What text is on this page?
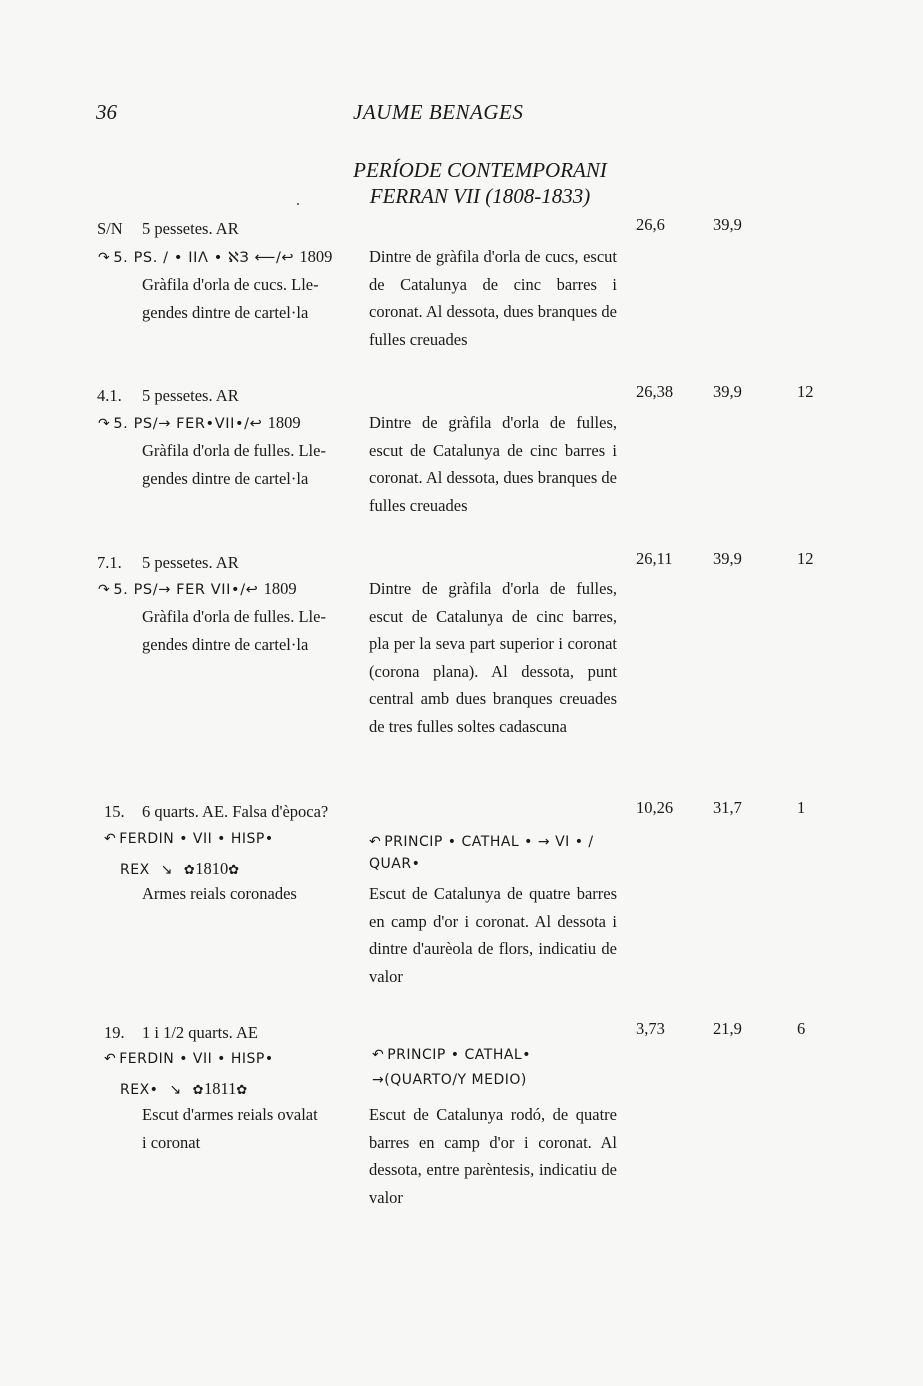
36	JAUME BENAGES
PERÍODE CONTEMPORANI
FERRAN VII (1808-1833)
S/N 5 pessetes. AR
↷ 5. PS. / • IIΛ • ℵЗ ⟵/↩ 1809
Gràfila d'orla de cucs. Lle-
gendes dintre de cartel·la
Dintre de gràfila d'orla de cucs, escut de Catalunya de cinc barres i coronat. Al dessota, dues branques de fulles creuades
26,6	39,9
4.1. 5 pessetes. AR
↷ 5. PS/→ FER•VII•/↩ 1809
Gràfila d'orla de fulles. Lle-
gendes dintre de cartel·la
Dintre de gràfila d'orla de fulles, escut de Catalunya de cinc barres i coronat. Al dessota, dues branques de fulles creuades
26,38 39,9	12
7.1. 5 pessetes. AR
↷ 5. PS/→ FER VII•/↩ 1809
Gràfila d'orla de fulles. Lle-
gendes dintre de cartel·la
Dintre de gràfila d'orla de fulles, escut de Catalunya de cinc barres, pla per la seva part superior i coronat (corona plana). Al dessota, punt central amb dues branques creuades de tres fulles soltes cadascuna
26,11 39,9	12
15. 6 quarts. AE. Falsa d'època?
↶ FERDIN • VII • HISP•
REX ↘ ✿1810✿
Armes reials coronades
↶ PRINCIP • CATHAL • → VI • /
QUAR•
Escut de Catalunya de quatre barres en camp d'or i coronat. Al dessota i dintre d'aurèola de flors, indicatiu de valor
10,26 31,7	1
19. 1 i 1/2 quarts. AE
↶ FERDIN • VII • HISP•
REX• ↘ ✿1811✿
Escut d'armes reials ovalat
i coronat
↶ PRINCIP • CATHAL•
→(QUARTO/Y MEDIO)
Escut de Catalunya rodó, de quatre barres en camp d'or i coronat. Al dessota, entre parèntesis, indicatiu de valor
3,73	21,9	6
